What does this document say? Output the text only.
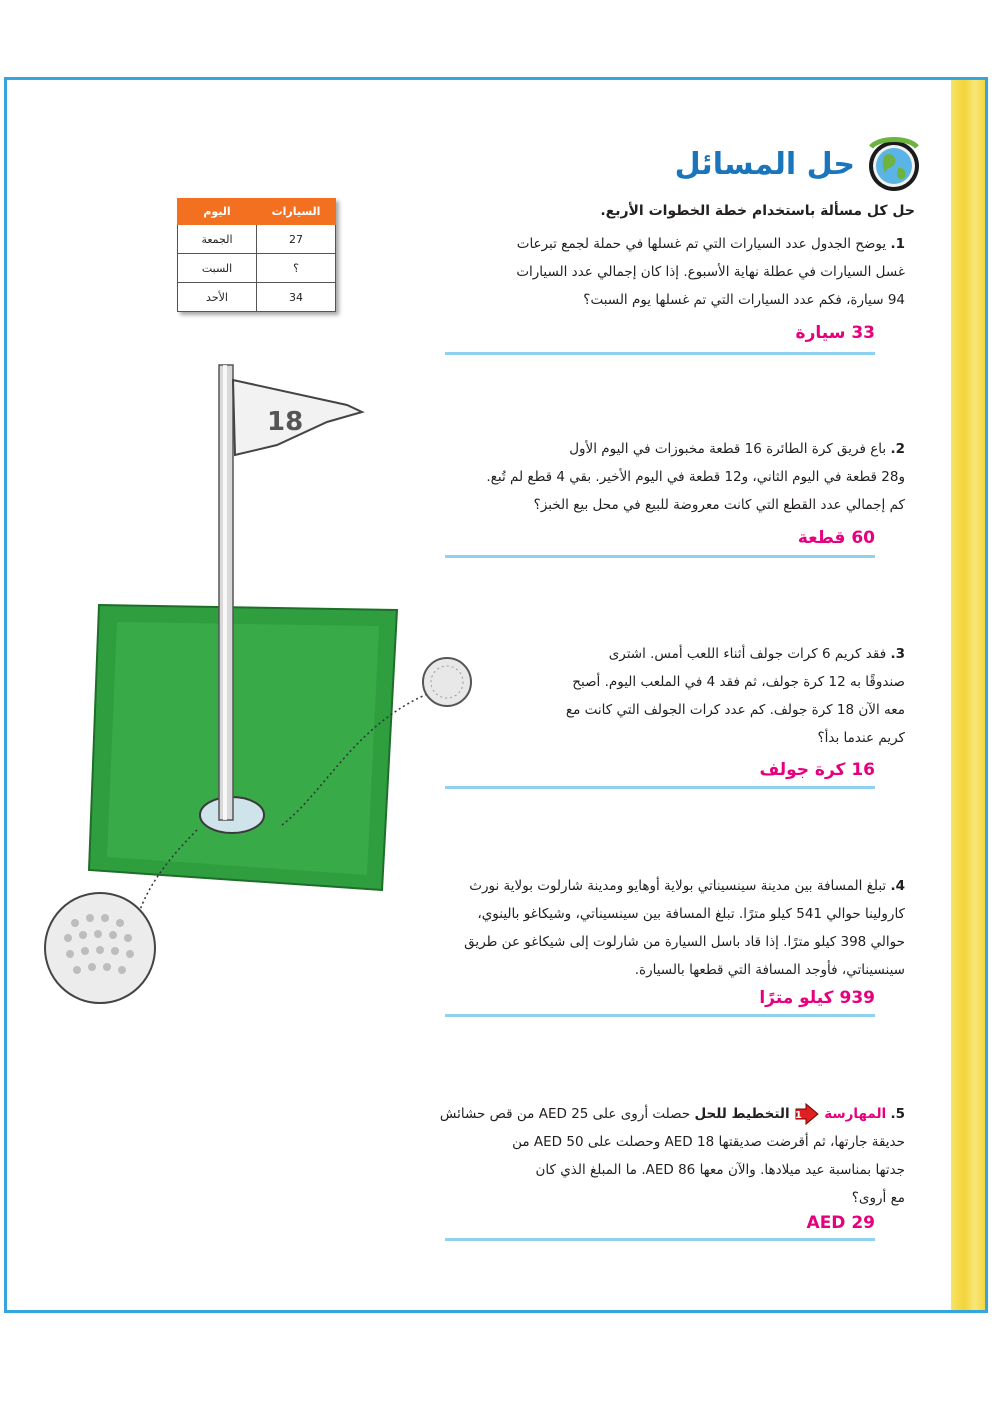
18
حل المسائل
حل كل مسألة باستخدام خطة الخطوات الأربع.
1. يوضح الجدول عدد السيارات التي تم غسلها في حملة لجمع تبرعات
غسل السيارات في عطلة نهاية الأسبوع. إذا كان إجمالي عدد السيارات
94 سيارة، فكم عدد السيارات التي تم غسلها يوم السبت؟
33 سيارة
2. باع فريق كرة الطائرة 16 قطعة مخبوزات في اليوم الأول
و28 قطعة في اليوم الثاني، و12 قطعة في اليوم الأخير. بقي 4 قطع لم تُبع.
كم إجمالي عدد القطع التي كانت معروضة للبيع في محل بيع الخبز؟
60 قطعة
3. فقد كريم 6 كرات جولف أثناء اللعب أمس. اشترى
صندوقًا به 12 كرة جولف، ثم فقد 4 في الملعب اليوم. أصبح
معه الآن 18 كرة جولف. كم عدد كرات الجولف التي كانت مع
كريم عندما بدأ؟
16 كرة جولف
4. تبلغ المسافة بين مدينة سينسيناتي بولاية أوهايو ومدينة شارلوت بولاية نورث
كارولينا حوالي 541 كيلو مترًا. تبلغ المسافة بين سينسيناتي، وشيكاغو بالينوي،
حوالي 398 كيلو مترًا. إذا قاد باسل السيارة من شارلوت إلى شيكاغو عن طريق
سينسيناتي، فأوجد المسافة التي قطعها بالسيارة.
939 كيلو مترًا
5. المهارسة
1
التخطيط للحل حصلت أروى على 25 AED من قص حشائش
حديقة جارتها، ثم أقرضت صديقتها 18 AED وحصلت على 50 AED من
جدتها بمناسبة عيد ميلادها. والآن معها 86 AED. ما المبلغ الذي كان
مع أروى؟
AED 29
السيارات	اليوم
27	الجمعة
؟	السبت
34	الأحد
